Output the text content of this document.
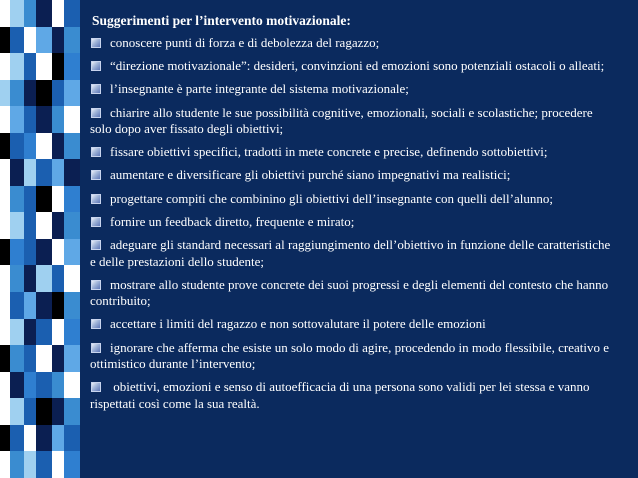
Suggerimenti per l’intervento motivazionale:
conoscere punti di forza e di debolezza del ragazzo;
“direzione motivazionale”: desideri, convinzioni ed emozioni sono potenziali ostacoli o alleati;
l’insegnante è parte integrante del sistema motivazionale;
chiarire allo studente le sue possibilità cognitive, emozionali, sociali e scolastiche; procedere solo dopo aver fissato degli obiettivi;
fissare obiettivi specifici, tradotti in mete concrete e precise, definendo sottobiettivi;
aumentare e diversificare gli obiettivi purché siano impegnativi ma realistici;
progettare compiti che combinino gli obiettivi dell’insegnante con quelli dell’alunno;
fornire un feedback diretto, frequente e mirato;
adeguare gli standard necessari al raggiungimento dell’obiettivo in funzione delle caratteristiche e delle prestazioni dello studente;
mostrare allo studente prove concrete dei suoi progressi e degli elementi del contesto che hanno contribuito;
accettare i limiti del ragazzo e non sottovalutare il potere delle emozioni
ignorare che afferma che esiste un solo modo di agire, procedendo in modo flessibile, creativo e ottimistico durante l’intervento;
obiettivi, emozioni e senso di autoefficacia di una persona sono validi per lei stessa e vanno rispettati così come la sua realtà.
